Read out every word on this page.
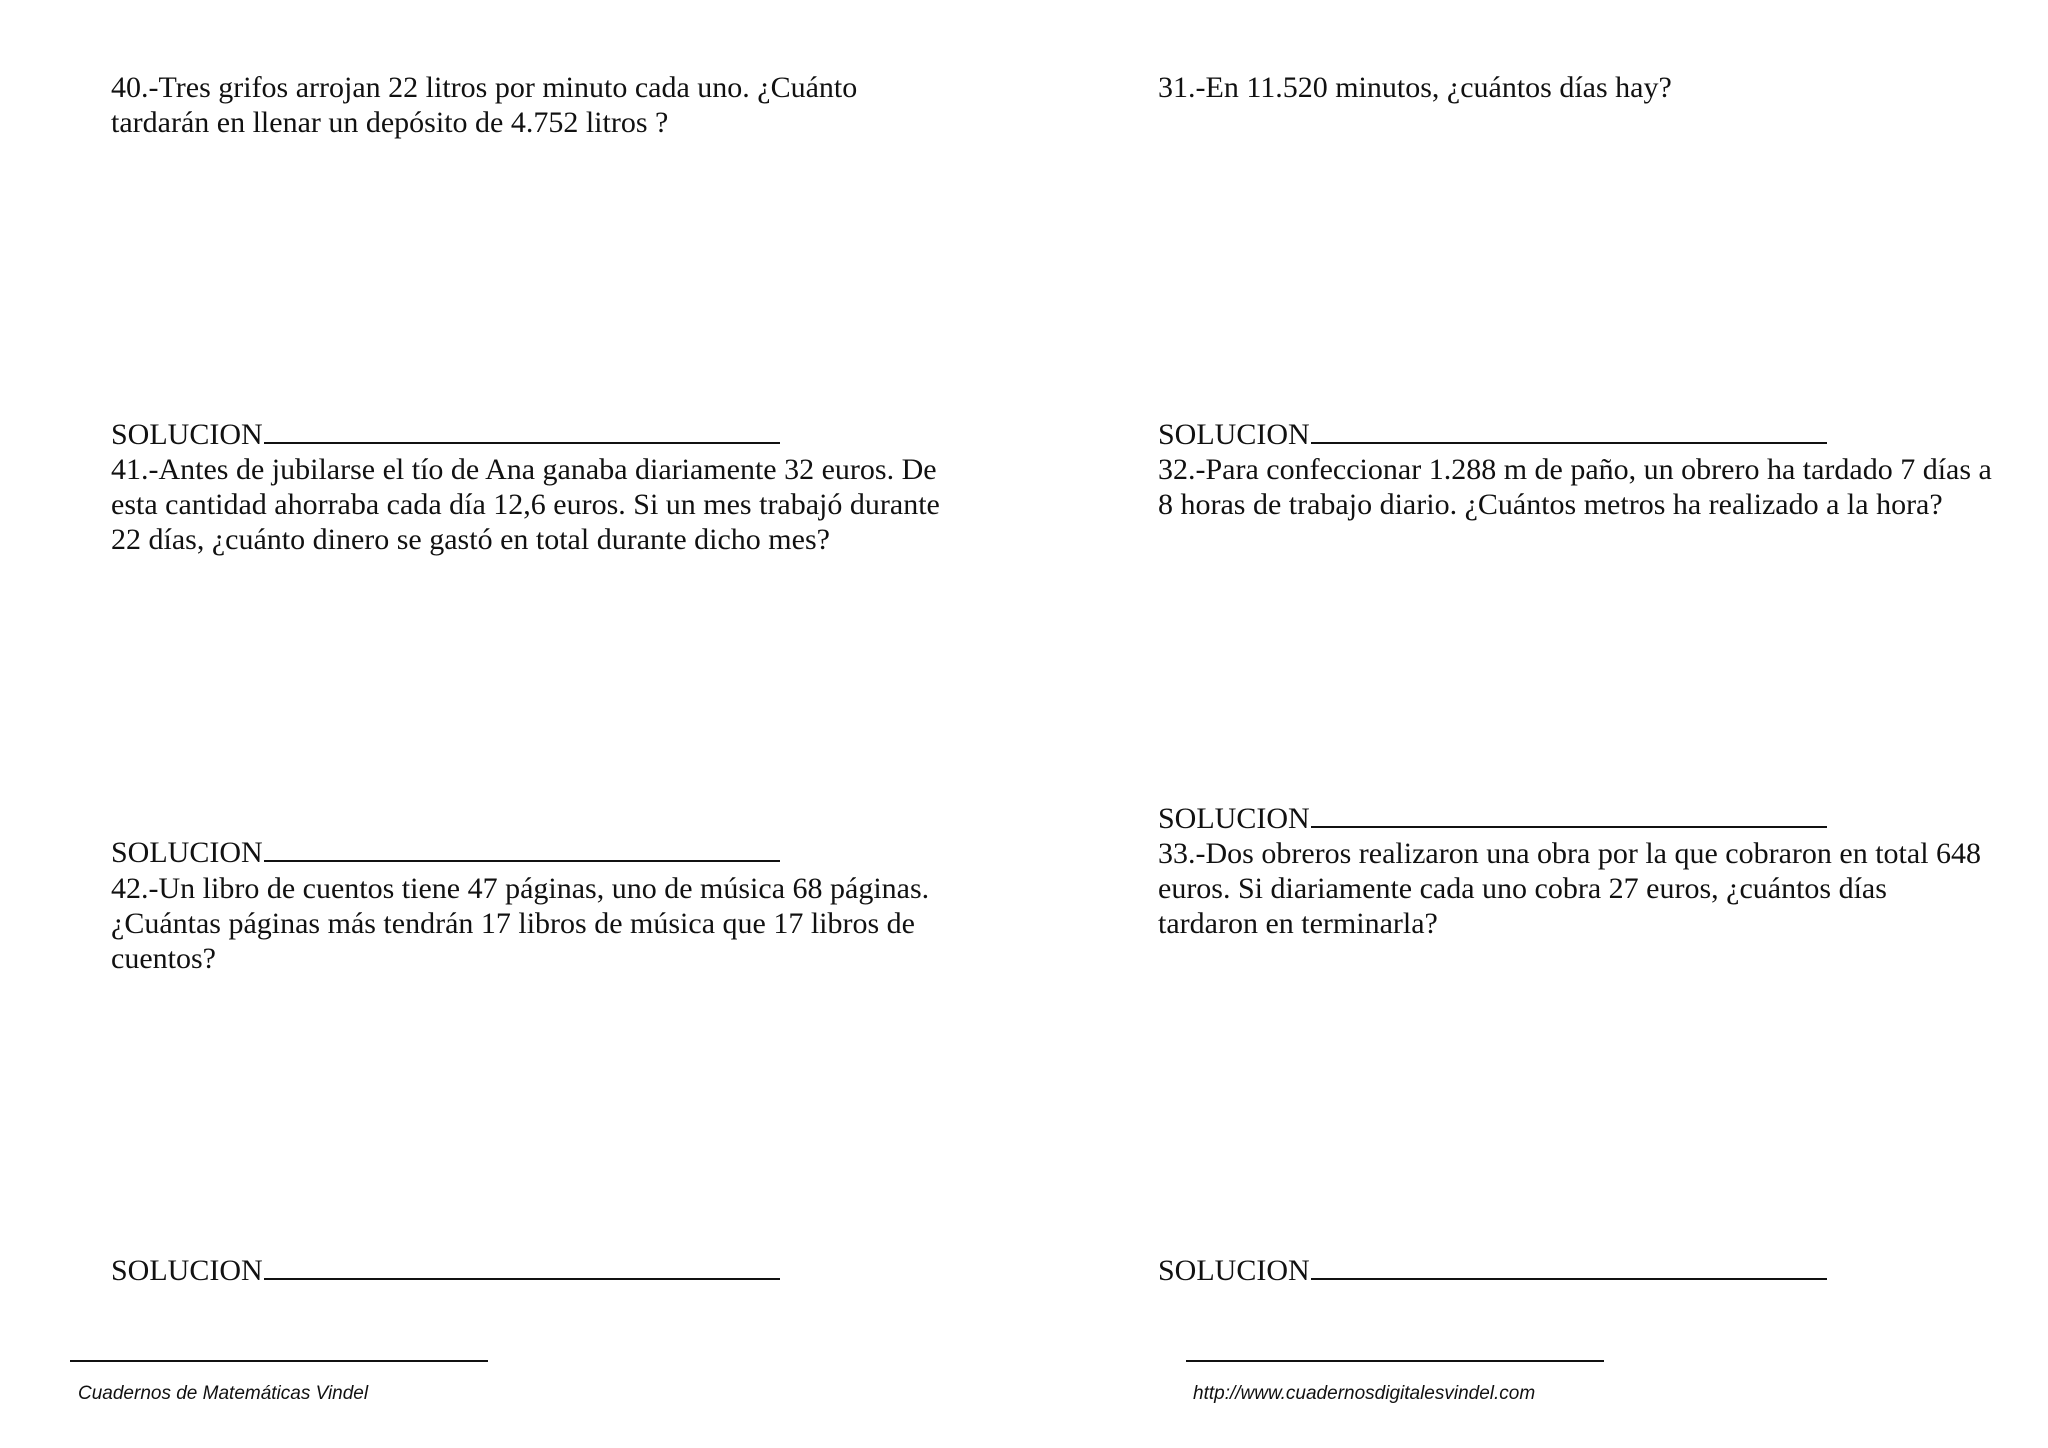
40.-Tres grifos arrojan 22 litros por minuto cada uno. ¿Cuánto
tardarán en llenar un depósito de 4.752 litros ?

SOLUCION

41.-Antes de jubilarse el tío de Ana ganaba diariamente 32 euros. De
esta cantidad ahorraba cada día 12,6 euros. Si un mes trabajó durante
22 días, ¿cuánto dinero se gastó en total durante dicho mes?

SOLUCION

42.-Un libro de cuentos tiene 47 páginas, uno de música 68 páginas.
¿Cuántas páginas más tendrán 17 libros de música que 17 libros de
cuentos?

SOLUCION

31.-En 11.520 minutos, ¿cuántos días hay?

SOLUCION

32.-Para confeccionar 1.288 m de paño, un obrero ha tardado 7 días a
8 horas de trabajo diario. ¿Cuántos metros ha realizado a la hora?

SOLUCION

33.-Dos obreros realizaron una obra por la que cobraron en total 648
euros. Si diariamente cada uno cobra 27 euros, ¿cuántos días
tardaron en terminarla?

SOLUCION
Cuadernos de Matemáticas Vindel	http://www.cuadernosdigitalesvindel.com
